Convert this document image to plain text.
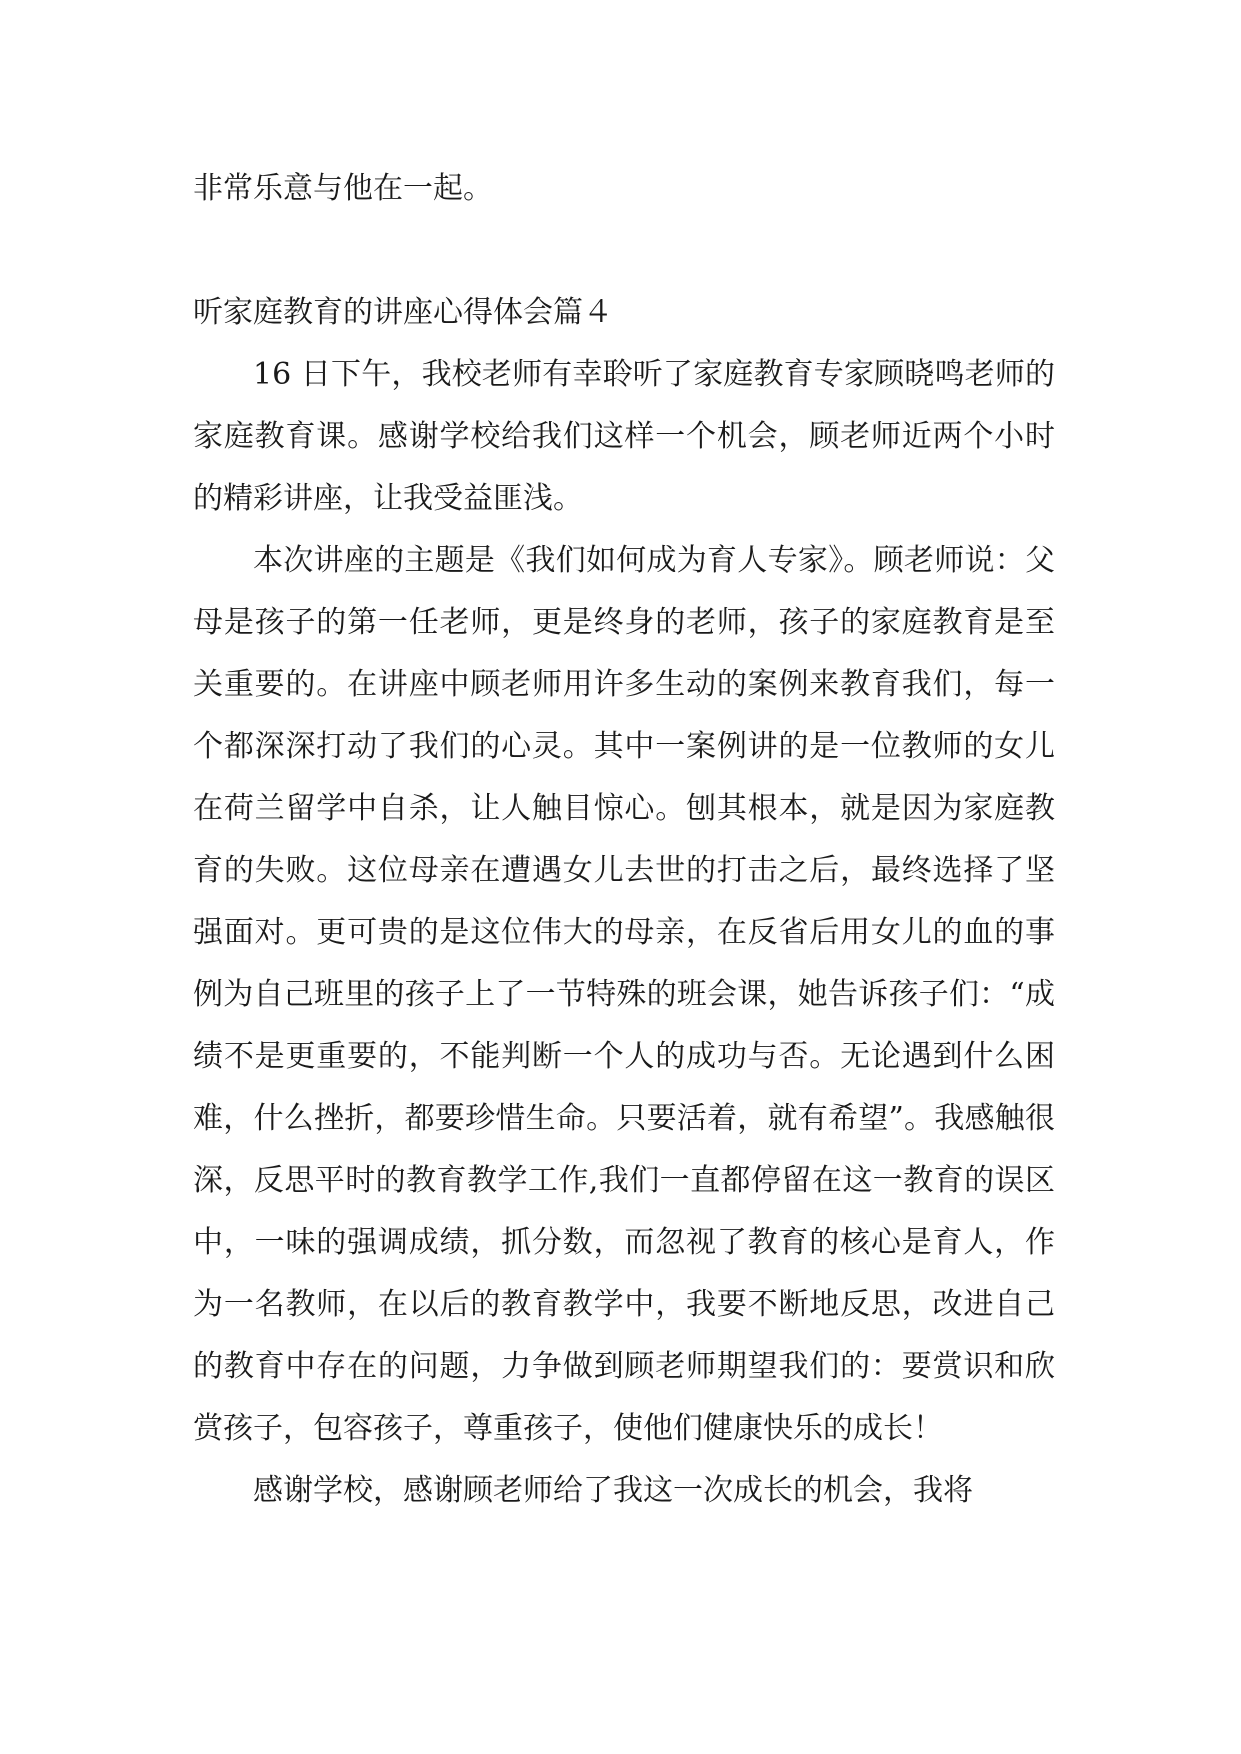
非常乐意与他在一起。

听家庭教育的讲座心得体会篇４

16 日下午，我校老师有幸聆听了家庭教育专家顾晓鸣老师的家庭教育课。感谢学校给我们这样一个机会，顾老师近两个小时的精彩讲座，让我受益匪浅。

本次讲座的主题是《我们如何成为育人专家》。顾老师说：父母是孩子的第一任老师，更是终身的老师，孩子的家庭教育是至关重要的。在讲座中顾老师用许多生动的案例来教育我们，每一个都深深打动了我们的心灵。其中一案例讲的是一位教师的女儿在荷兰留学中自杀，让人触目惊心。刨其根本，就是因为家庭教育的失败。这位母亲在遭遇女儿去世的打击之后，最终选择了坚强面对。更可贵的是这位伟大的母亲，在反省后用女儿的血的事例为自己班里的孩子上了一节特殊的班会课，她告诉孩子们：“成绩不是更重要的，不能判断一个人的成功与否。无论遇到什么困难，什么挫折，都要珍惜生命。只要活着，就有希望”。我感触很深，反思平时的教育教学工作,我们一直都停留在这一教育的误区中，一味的强调成绩，抓分数，而忽视了教育的核心是育人，作为一名教师，在以后的教育教学中，我要不断地反思，改进自己的教育中存在的问题，力争做到顾老师期望我们的：要赏识和欣赏孩子，包容孩子，尊重孩子，使他们健康快乐的成长！

感谢学校，感谢顾老师给了我这一次成长的机会，我将
